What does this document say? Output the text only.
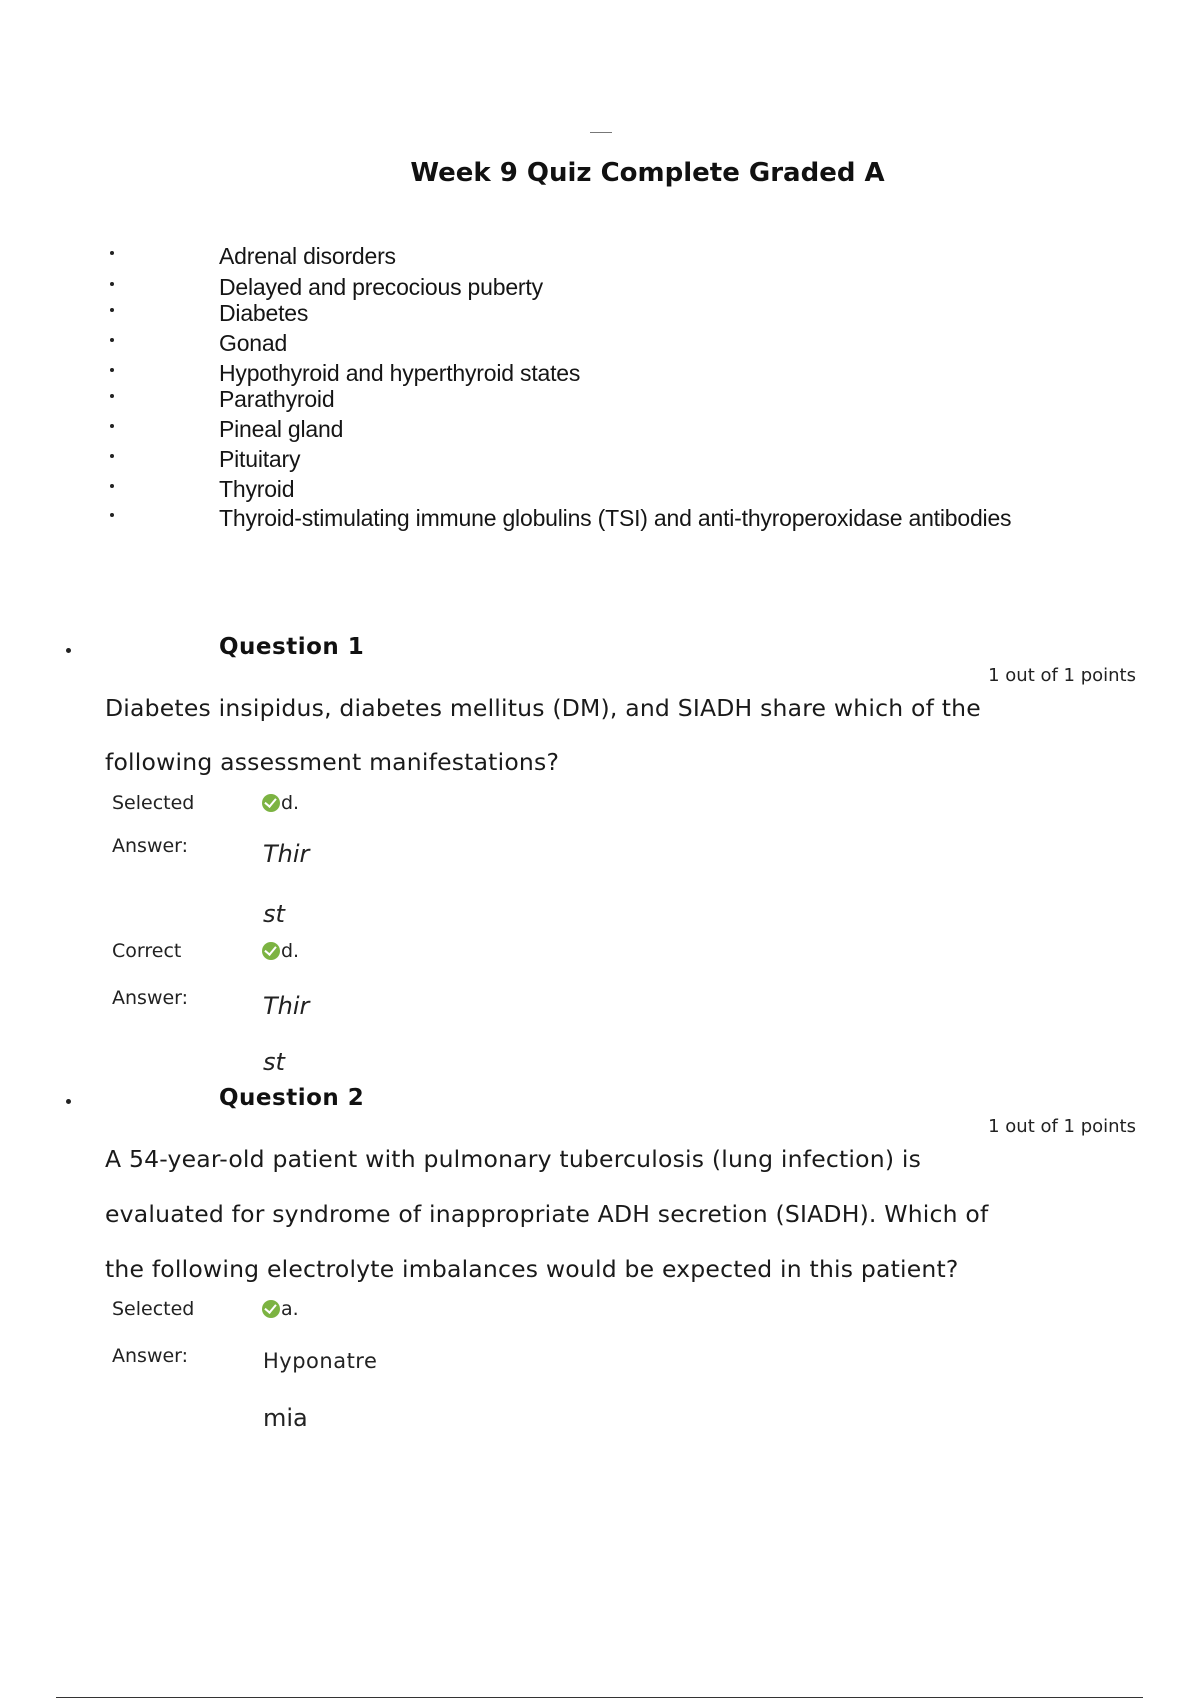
Week 9 Quiz Complete Graded A
Adrenal disorders
Delayed and precocious puberty
Diabetes
Gonad
Hypothyroid and hyperthyroid states
Parathyroid
Pineal gland
Pituitary
Thyroid
Thyroid-stimulating immune globulins (TSI) and anti-thyroperoxidase antibodies
Question 1
1 out of 1 points
Diabetes insipidus, diabetes mellitus (DM), and SIADH share which of the
following assessment manifestations?
Selected	d.
Answer:	Thir
st
Correct	d.
Answer:	Thir
st
Question 2
1 out of 1 points
A 54-year-old patient with pulmonary tuberculosis (lung infection) is
evaluated for syndrome of inappropriate ADH secretion (SIADH). Which of
the following electrolyte imbalances would be expected in this patient?
Selected	a.
Answer:	Hyponatre
mia
